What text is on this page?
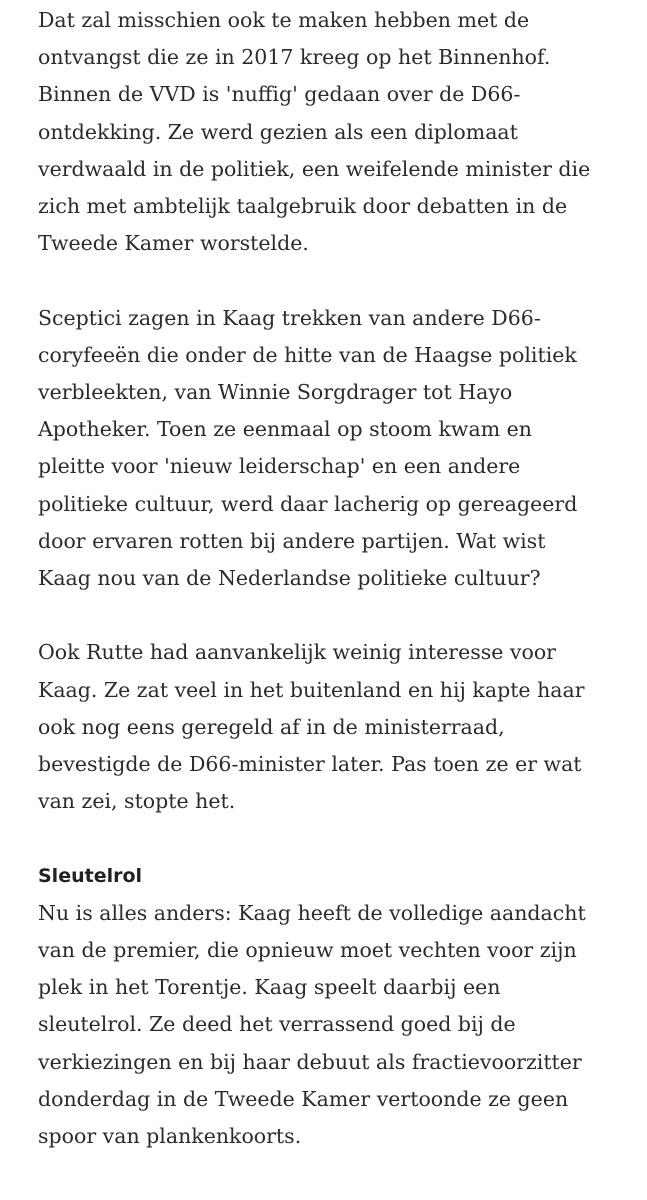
Dat zal misschien ook te maken hebben met de
ontvangst die ze in 2017 kreeg op het Binnenhof.
Binnen de VVD is 'nuffig' gedaan over de D66-
ontdekking. Ze werd gezien als een diplomaat
verdwaald in de politiek, een weifelende minister die
zich met ambtelijk taalgebruik door debatten in de
Tweede Kamer worstelde.

Sceptici zagen in Kaag trekken van andere D66-
coryfeeën die onder de hitte van de Haagse politiek
verbleekten, van Winnie Sorgdrager tot Hayo
Apotheker. Toen ze eenmaal op stoom kwam en
pleitte voor 'nieuw leiderschap' en een andere
politieke cultuur, werd daar lacherig op gereageerd
door ervaren rotten bij andere partijen. Wat wist
Kaag nou van de Nederlandse politieke cultuur?

Ook Rutte had aanvankelijk weinig interesse voor
Kaag. Ze zat veel in het buitenland en hij kapte haar
ook nog eens geregeld af in de ministerraad,
bevestigde de D66-minister later. Pas toen ze er wat
van zei, stopte het.

Sleutelrol

Nu is alles anders: Kaag heeft de volledige aandacht
van de premier, die opnieuw moet vechten voor zijn
plek in het Torentje. Kaag speelt daarbij een
sleutelrol. Ze deed het verrassend goed bij de
verkiezingen en bij haar debuut als fractievoorzitter
donderdag in de Tweede Kamer vertoonde ze geen
spoor van plankenkoorts.
